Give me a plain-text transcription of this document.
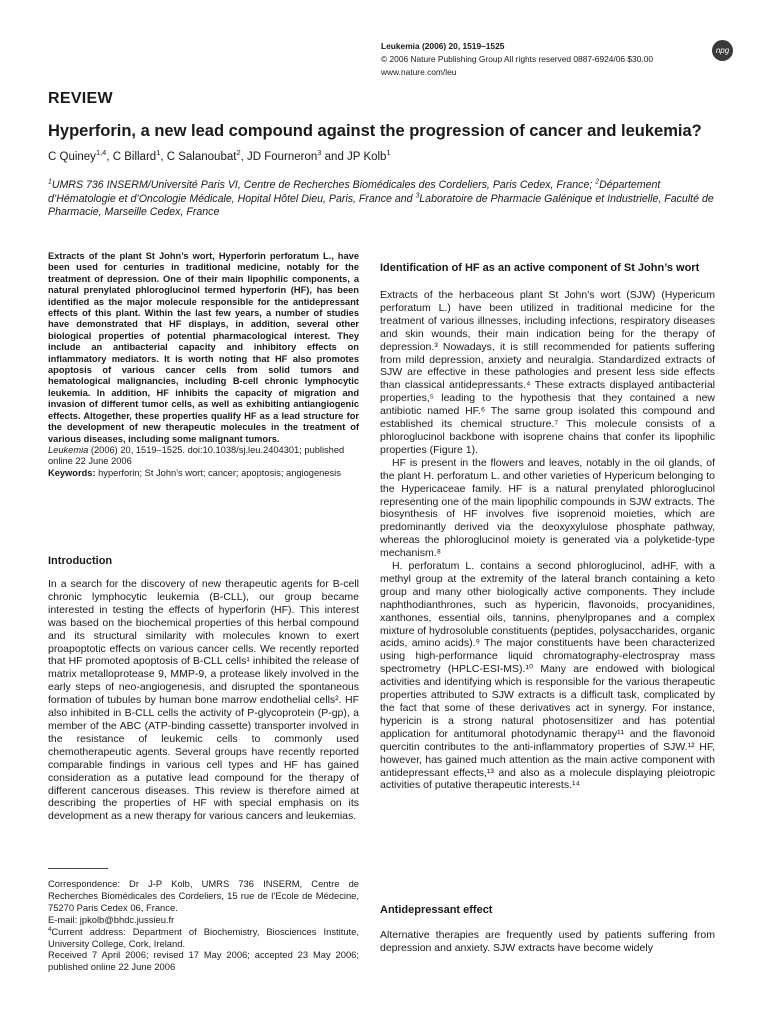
Leukemia (2006) 20, 1519–1525
© 2006 Nature Publishing Group All rights reserved 0887-6924/06 $30.00
www.nature.com/leu
npg
REVIEW
Hyperforin, a new lead compound against the progression of cancer and leukemia?
C Quiney$^{1,4}$, C Billard$^1$, C Salanoubat$^2$, JD Fourneron$^3$ and JP Kolb$^1$
$^1$UMRS 736 INSERM/Université Paris VI, Centre de Recherches Biomédicales des Cordeliers, Paris Cedex, France; $^2$Département d’Hématologie et d’Oncologie Médicale, Hopital Hôtel Dieu, Paris, France and $^3$Laboratoire de Pharmacie Galénique et Industrielle, Faculté de Pharmacie, Marseille Cedex, France

Extracts of the plant St John’s wort, Hyperforin perforatum L., have been used for centuries in traditional medicine, notably for the treatment of depression. One of their main lipophilic components, a natural prenylated phloroglucinol termed hyperforin (HF), has been identified as the major molecule responsible for the antidepressant effects of this plant. Within the last few years, a number of studies have demonstrated that HF displays, in addition, several other biological properties of potential pharmacological interest. They include an antibacterial capacity and inhibitory effects on inflammatory mediators. It is worth noting that HF also promotes apoptosis of various cancer cells from solid tumors and hematological malignancies, including B-cell chronic lymphocytic leukemia. In addition, HF inhibits the capacity of migration and invasion of different tumor cells, as well as exhibiting antiangiogenic effects. Altogether, these properties qualify HF as a lead structure for the development of new therapeutic molecules in the treatment of various diseases, including some malignant tumors.

Leukemia (2006) 20, 1519–1525. doi:10.1038/sj.leu.2404301; published online 22 June 2006

Keywords: hyperforin; St John’s wort; cancer; apoptosis; angiogenesis

Introduction
In a search for the discovery of new therapeutic agents for B-cell chronic lymphocytic leukemia (B-CLL), our group became interested in testing the effects of hyperforin (HF). This interest was based on the biochemical properties of this herbal compound and its structural similarity with molecules known to exert proapoptotic effects on various cancer cells. We recently reported that HF promoted apoptosis of B-CLL cells¹ inhibited the release of matrix metalloprotease 9, MMP-9, a protease likely involved in the early steps of neo-angiogenesis, and disrupted the spontaneous formation of tubules by human bone marrow endothelial cells². HF also inhibited in B-CLL cells the activity of P-glycoprotein (P-gp), a member of the ABC (ATP-binding cassette) transporter involved in the resistance of leukemic cells to commonly used chemotherapeutic agents. Several groups have recently reported comparable findings in various cell types and HF has gained consideration as a putative lead compound for the therapy of different cancerous diseases. This review is therefore aimed at describing the properties of HF with special emphasis on its development as a new therapy for various cancers and leukemias.

Correspondence: Dr J-P Kolb, UMRS 736 INSERM, Centre de Recherches Biomédicales des Cordeliers, 15 rue de l’Ecole de Médecine, 75270 Paris Cedex 06, France.

E-mail: jpkolb@bhdc.jussieu.fr

$^4$Current address: Department of Biochemistry, Biosciences Institute, University College, Cork, Ireland.

Received 7 April 2006; revised 17 May 2006; accepted 23 May 2006; published online 22 June 2006

Identification of HF as an active component of St John’s wort

Extracts of the herbaceous plant St John’s wort (SJW) (Hypericum perforatum L.) have been utilized in traditional medicine for the treatment of various illnesses, including infections, respiratory diseases and skin wounds, their main indication being for the therapy of depression.³ Nowadays, it is still recommended for patients suffering from mild depression, anxiety and neuralgia. Standardized extracts of SJW are effective in these pathologies and present less side effects than classical antidepressants.⁴ These extracts displayed antibacterial properties,⁵ leading to the hypothesis that they contained a new antibiotic named HF.⁶ The same group isolated this compound and established its chemical structure.⁷ This molecule consists of a phloroglucinol backbone with isoprene chains that confer its lipophilic properties (Figure 1).

HF is present in the flowers and leaves, notably in the oil glands, of the plant H. perforatum L. and other varieties of Hypericum belonging to the Hypericaceae family. HF is a natural prenylated phloroglucinol representing one of the main lipophilic compounds in SJW extracts. The biosynthesis of HF involves five isoprenoid moieties, which are predominantly derived via the deoxyxylulose phosphate pathway, whereas the phloroglucinol moiety is generated via a polyketide-type mechanism.⁸

H. perforatum L. contains a second phloroglucinol, adHF, with a methyl group at the extremity of the lateral branch containing a keto group and many other biologically active components. They include naphthodianthrones, such as hypericin, flavonoids, procyanidines, xanthones, essential oils, tannins, phenylpropanes and a complex mixture of hydrosoluble constituents (peptides, polysaccharides, organic acids, amino acids).⁹ The major constituents have been characterized using high-performance liquid chromatography-electrospray mass spectrometry (HPLC-ESI-MS).¹⁰ Many are endowed with biological activities and identifying which is responsible for the various therapeutic properties attributed to SJW extracts is a difficult task, complicated by the fact that some of these derivatives act in synergy. For instance, hypericin is a strong natural photosensitizer and has potential application for antitumoral photodynamic therapy¹¹ and the flavonoid quercitin contributes to the anti-inflammatory properties of SJW.¹² HF, however, has gained much attention as the main active component with antidepressant effects,¹³ and also as a molecule displaying pleiotropic activities of putative therapeutic interests.¹⁴

Antidepressant effect
Alternative therapies are frequently used by patients suffering from depression and anxiety. SJW extracts have become widely
